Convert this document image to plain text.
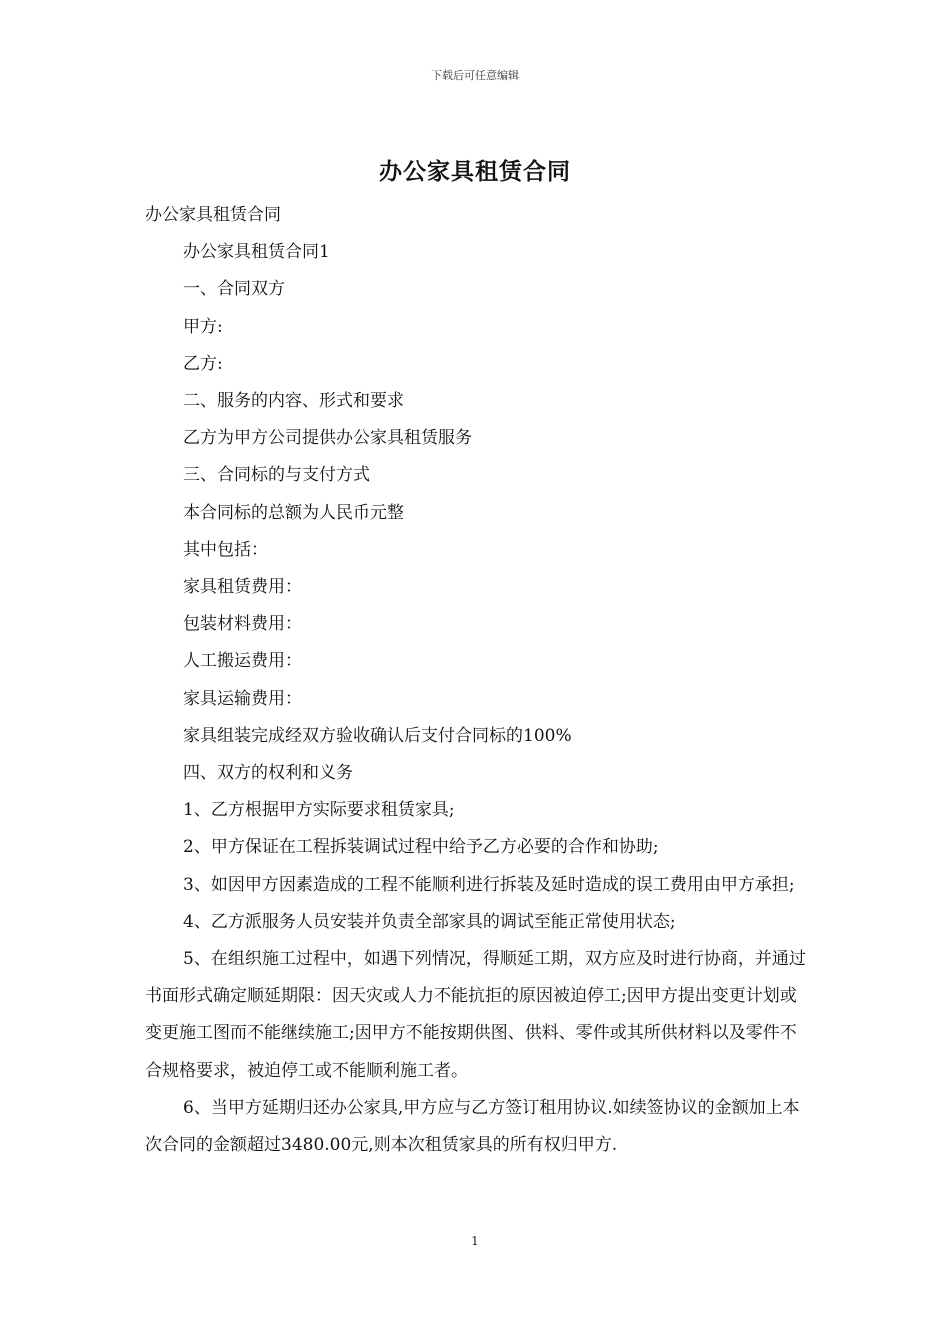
下载后可任意编辑
办公家具租赁合同

办公家具租赁合同

办公家具租赁合同1

一、合同双方

甲方:

乙方:

二、服务的内容、形式和要求

乙方为甲方公司提供办公家具租赁服务

三、合同标的与支付方式

本合同标的总额为人民币元整

其中包括：

家具租赁费用：

包装材料费用：

人工搬运费用：

家具运输费用：

家具组装完成经双方验收确认后支付合同标的100%

四、双方的权利和义务

1、乙方根据甲方实际要求租赁家具;

2、甲方保证在工程拆装调试过程中给予乙方必要的合作和协助;

3、如因甲方因素造成的工程不能顺利进行拆装及延时造成的误工费用由甲方承担;

4、乙方派服务人员安装并负责全部家具的调试至能正常使用状态;

5、在组织施工过程中，如遇下列情况，得顺延工期，双方应及时进行协商，并通过书面形式确定顺延期限：因天灾或人力不能抗拒的原因被迫停工;因甲方提出变更计划或变更施工图而不能继续施工;因甲方不能按期供图、供料、零件或其所供材料以及零件不合规格要求，被迫停工或不能顺利施工者。

6、当甲方延期归还办公家具,甲方应与乙方签订租用协议.如续签协议的金额加上本次合同的金额超过3480.00元,则本次租赁家具的所有权归甲方.

1
